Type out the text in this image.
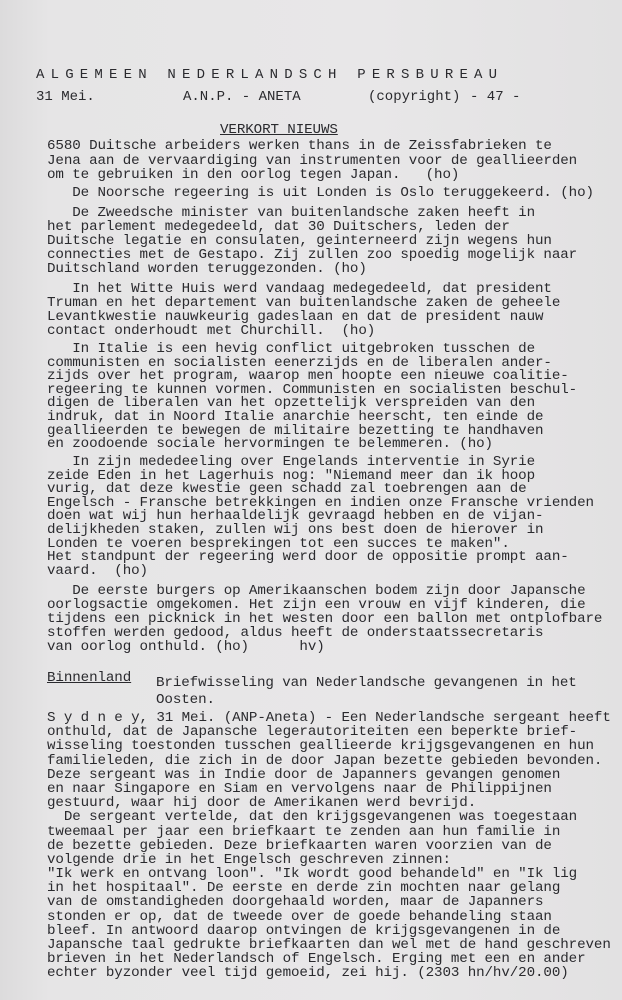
ALGEMEEN NEDERLANDSCH PERSBUREAU
31 Mei.	A.N.P. - ANETA	(copyright) - 47 -
VERKORT NIEUWS
6580 Duitsche arbeiders werken thans in de Zeissfabrieken te
Jena aan de vervaardiging van instrumenten voor de geallieerden
om te gebruiken in den oorlog tegen Japan.   (ho)
De Noorsche regeering is uit Londen is Oslo teruggekeerd. (ho)
De Zweedsche minister van buitenlandsche zaken heeft in
het parlement medegedeeld, dat 30 Duitschers, leden der
Duitsche legatie en consulaten, geinterneerd zijn wegens hun
connecties met de Gestapo. Zij zullen zoo spoedig mogelijk naar
Duitschland worden teruggezonden. (ho)
In het Witte Huis werd vandaag medegedeeld, dat president
Truman en het departement van buitenlandsche zaken de geheele
Levantkwestie nauwkeurig gadeslaan en dat de president nauw
contact onderhoudt met Churchill.  (ho)
In Italie is een hevig conflict uitgebroken tusschen de
communisten en socialisten eenerzijds en de liberalen ander-
zijds over het program, waarop men hoopte een nieuwe coalitie-
regeering te kunnen vormen. Communisten en socialisten beschul-
digen de liberalen van het opzettelijk verspreiden van den
indruk, dat in Noord Italie anarchie heerscht, ten einde de
geallieerden te bewegen de militaire bezetting te handhaven
en zoodoende sociale hervormingen te belemmeren. (ho)
In zijn mededeeling over Engelands interventie in Syrie
zeide Eden in het Lagerhuis nog: "Niemand meer dan ik hoop
vurig, dat deze kwestie geen schadd zal toebrengen aan de
Engelsch - Fransche betrekkingen en indien onze Fransche vrienden
doen wat wij hun herhaaldelijk gevraagd hebben en de vijan-
delijkheden staken, zullen wij ons best doen de hierover in
Londen te voeren besprekingen tot een succes te maken".
Het standpunt der regeering werd door de oppositie prompt aan-
vaard.  (ho)
De eerste burgers op Amerikaanschen bodem zijn door Japansche
oorlogsactie omgekomen. Het zijn een vrouw en vijf kinderen, die
tijdens een picknick in het westen door een ballon met ontplofbare
stoffen werden gedood, aldus heeft de onderstaatssecretaris
van oorlog onthuld. (ho)      hv)
Binnenland Briefwisseling van Nederlandsche gevangenen in het
Oosten.
S y d n e y, 31 Mei. (ANP-Aneta) - Een Nederlandsche sergeant heeft
onthuld, dat de Japansche legerautoriteiten een beperkte brief-
wisseling toestonden tusschen geallieerde krijgsgevangenen en hun
familieleden, die zich in de door Japan bezette gebieden bevonden.
Deze sergeant was in Indie door de Japanners gevangen genomen
en naar Singapore en Siam en vervolgens naar de Philippijnen
gestuurd, waar hij door de Amerikanen werd bevrijd.
De sergeant vertelde, dat den krijgsgevangenen was toegestaan
tweemaal per jaar een briefkaart te zenden aan hun familie in
de bezette gebieden. Deze briefkaarten waren voorzien van de
volgende drie in het Engelsch geschreven zinnen:
"Ik werk en ontvang loon". "Ik wordt good behandeld" en "Ik lig
in het hospitaal". De eerste en derde zin mochten naar gelang
van de omstandigheden doorgehaald worden, maar de Japanners
stonden er op, dat de tweede over de goede behandeling staan
bleef. In antwoord daarop ontvingen de krijgsgevangenen in de
Japansche taal gedrukte briefkaarten dan wel met de hand geschreven
brieven in het Nederlandsch of Engelsch. Erging met een en ander
echter byzonder veel tijd gemoeid, zei hij. (2303 hn/hv/20.00)
